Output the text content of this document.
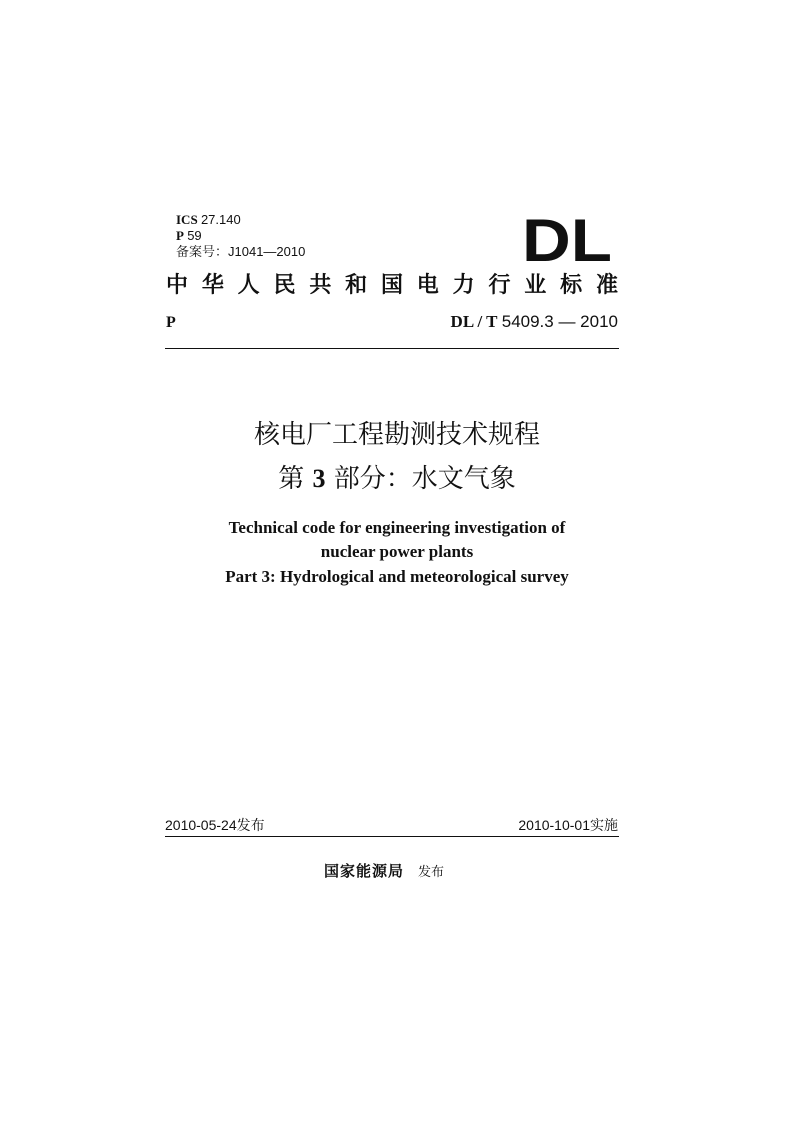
ICS 27.140
P 59
备案号：J1041—2010	DL
中 华 人 民 共 和 国 电 力 行 业 标 准
P	DL / T 5409.3 — 2010
核电厂工程勘测技术规程
第 3 部分：水文气象
Technical code for engineering investigation of
nuclear power plants
Part 3: Hydrological and meteorological survey
2010-05-24发布	2010-10-01实施
国家能源局 发布
